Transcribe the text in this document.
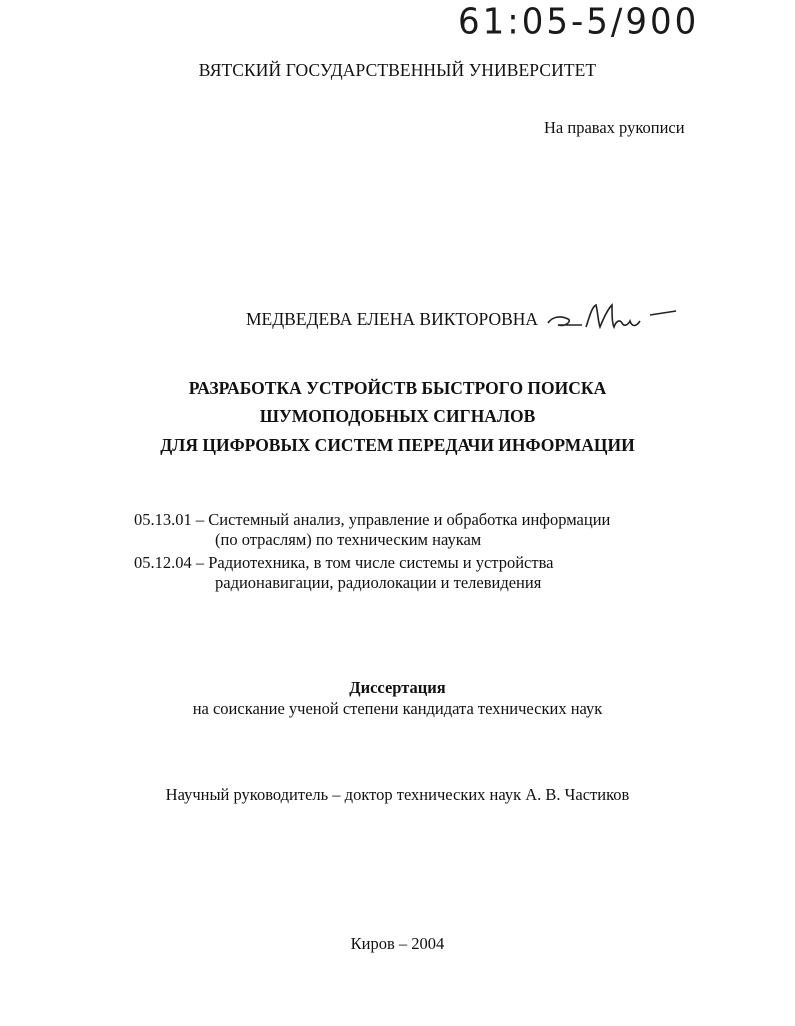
61:05-5/900
ВЯТСКИЙ ГОСУДАРСТВЕННЫЙ УНИВЕРСИТЕТ
На правах рукописи
МЕДВЕДЕВА ЕЛЕНА ВИКТОРОВНА
РАЗРАБОТКА УСТРОЙСТВ БЫСТРОГО ПОИСКА
ШУМОПОДОБНЫХ СИГНАЛОВ
ДЛЯ ЦИФРОВЫХ СИСТЕМ ПЕРЕДАЧИ ИНФОРМАЦИИ
05.13.01 – Системный анализ, управление и обработка информации
(по отраслям) по техническим наукам
05.12.04 – Радиотехника, в том числе системы и устройства
радионавигации, радиолокации и телевидения
Диссертация
на соискание ученой степени кандидата технических наук
Научный руководитель – доктор технических наук А. В. Частиков
Киров – 2004
